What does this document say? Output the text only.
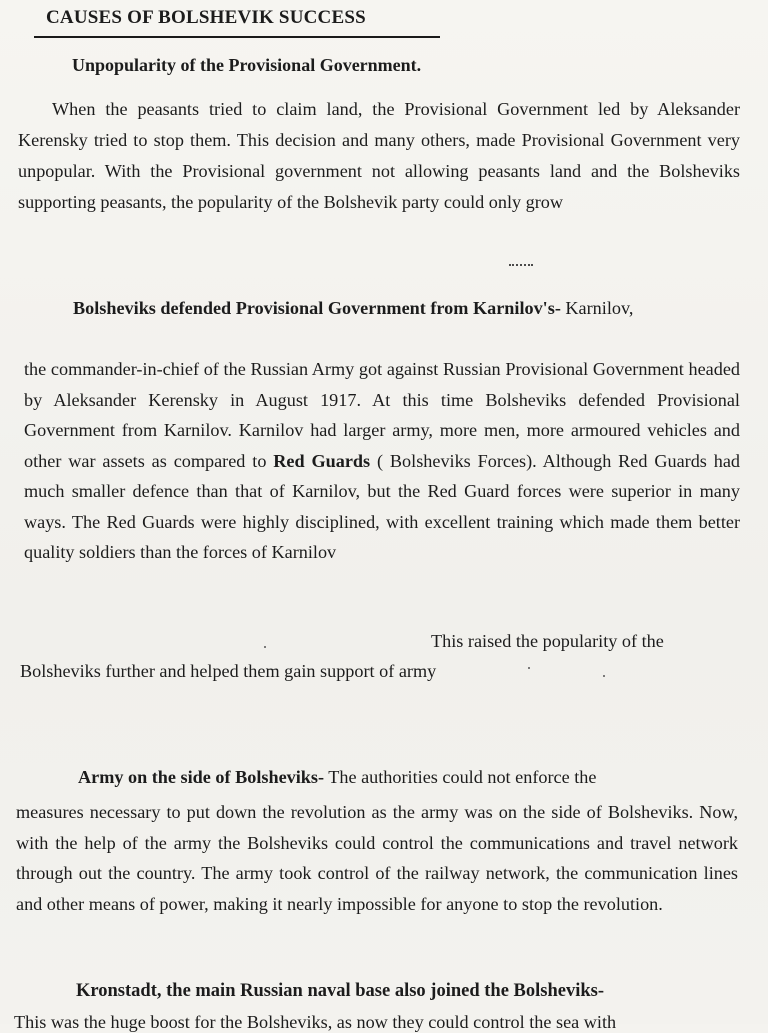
CAUSES OF BOLSHEVIK SUCCESS
Unpopularity of the Provisional Government.
When the peasants tried to claim land, the Provisional Government led by Aleksander Kerensky tried to stop them. This decision and many others, made Provisional Government very unpopular. With the Provisional government not allowing peasants land and the Bolsheviks supporting peasants, the popularity of the Bolshevik party could only grow
Bolsheviks defended Provisional Government from Karnilov's- Karnilov,
the commander-in-chief of the Russian Army got against Russian Provisional Government headed by Aleksander Kerensky in August 1917. At this time Bolsheviks defended Provisional Government from Karnilov. Karnilov had larger army, more men, more armoured vehicles and other war assets as compared to Red Guards ( Bolsheviks Forces). Although Red Guards had much smaller defence than that of Karnilov, but the Red Guard forces were superior in many ways. The Red Guards were highly disciplined, with excellent training which made them better quality soldiers than the forces of Karnilov
This raised the popularity of the
Bolsheviks further and helped them gain support of army
Army on the side of Bolsheviks- The authorities could not enforce the
measures necessary to put down the revolution as the army was on the side of Bolsheviks. Now, with the help of the army the Bolsheviks could control the communications and travel network through out the country. The army took control of the railway network, the communication lines and other means of power, making it nearly impossible for anyone to stop the revolution.
Kronstadt, the main Russian naval base also joined the Bolsheviks-
This was the huge boost for the Bolsheviks, as now they could control the sea with
